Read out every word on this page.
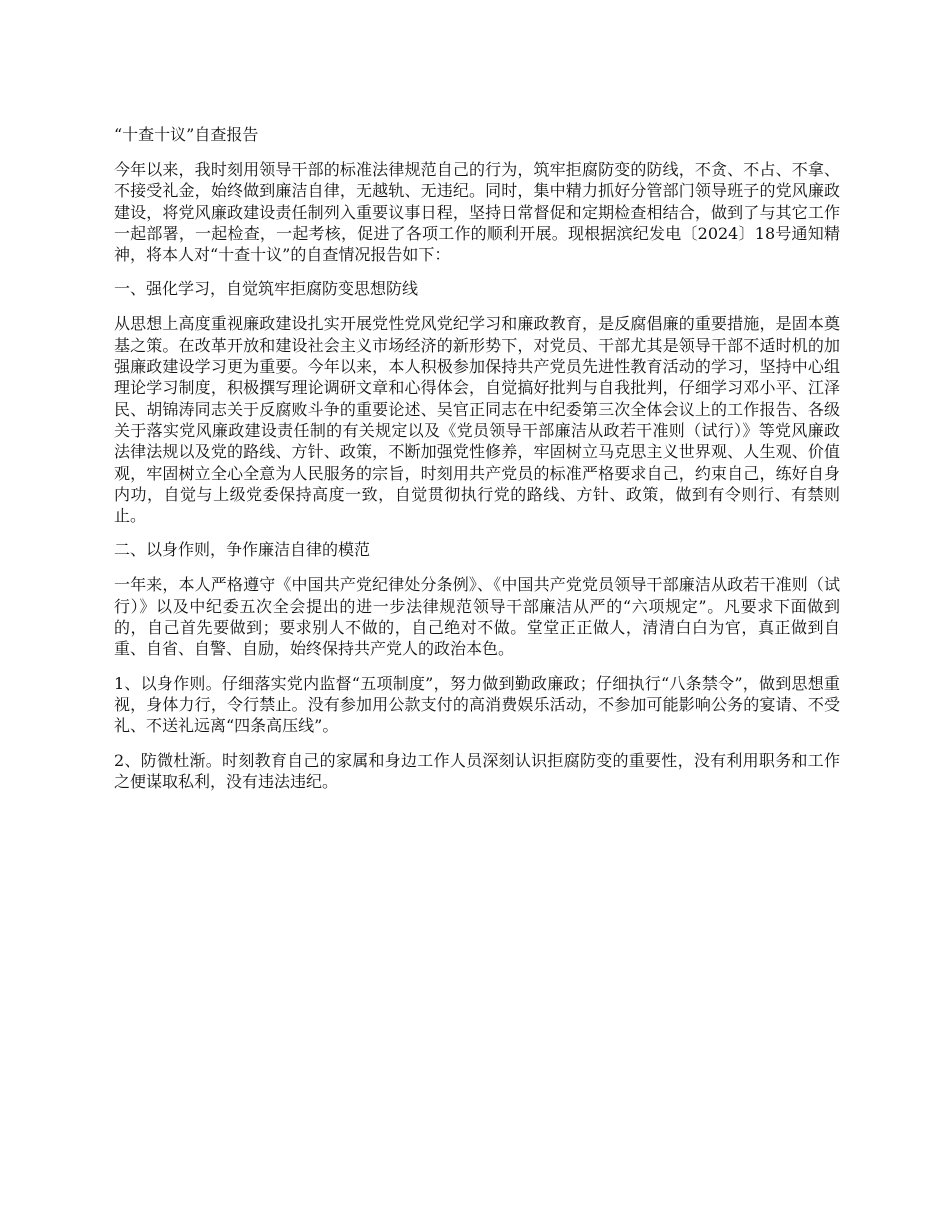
“十查十议”自查报告

今年以来，我时刻用领导干部的标准法律规范自己的行为，筑牢拒腐防变的防线，不贪、不占、不拿、不接受礼金，始终做到廉洁自律，无越轨、无违纪。同时，集中精力抓好分管部门领导班子的党风廉政建设，将党风廉政建设责任制列入重要议事日程，坚持日常督促和定期检查相结合，做到了与其它工作一起部署，一起检查，一起考核，促进了各项工作的顺利开展。现根据滨纪发电〔2024〕18号通知精神，将本人对“十查十议”的自查情况报告如下：

一、强化学习，自觉筑牢拒腐防变思想防线

从思想上高度重视廉政建设扎实开展党性党风党纪学习和廉政教育，是反腐倡廉的重要措施，是固本奠基之策。在改革开放和建设社会主义市场经济的新形势下，对党员、干部尤其是领导干部不适时机的加强廉政建设学习更为重要。今年以来，本人积极参加保持共产党员先进性教育活动的学习，坚持中心组理论学习制度，积极撰写理论调研文章和心得体会，自觉搞好批判与自我批判，仔细学习邓小平、江泽民、胡锦涛同志关于反腐败斗争的重要论述、吴官正同志在中纪委第三次全体会议上的工作报告、各级关于落实党风廉政建设责任制的有关规定以及《党员领导干部廉洁从政若干准则（试行）》等党风廉政法律法规以及党的路线、方针、政策，不断加强党性修养，牢固树立马克思主义世界观、人生观、价值观，牢固树立全心全意为人民服务的宗旨，时刻用共产党员的标准严格要求自己，约束自己，练好自身内功，自觉与上级党委保持高度一致，自觉贯彻执行党的路线、方针、政策，做到有令则行、有禁则止。

二、以身作则，争作廉洁自律的模范

一年来，本人严格遵守《中国共产党纪律处分条例》、《中国共产党党员领导干部廉洁从政若干准则（试行）》以及中纪委五次全会提出的进一步法律规范领导干部廉洁从严的“六项规定”。凡要求下面做到的，自己首先要做到；要求别人不做的，自己绝对不做。堂堂正正做人，清清白白为官，真正做到自重、自省、自警、自励，始终保持共产党人的政治本色。

1、以身作则。仔细落实党内监督“五项制度”，努力做到勤政廉政；仔细执行“八条禁令”，做到思想重视，身体力行，令行禁止。没有参加用公款支付的高消费娱乐活动，不参加可能影响公务的宴请、不受礼、不送礼远离“四条高压线”。

2、防微杜渐。时刻教育自己的家属和身边工作人员深刻认识拒腐防变的重要性，没有利用职务和工作之便谋取私利，没有违法违纪。
